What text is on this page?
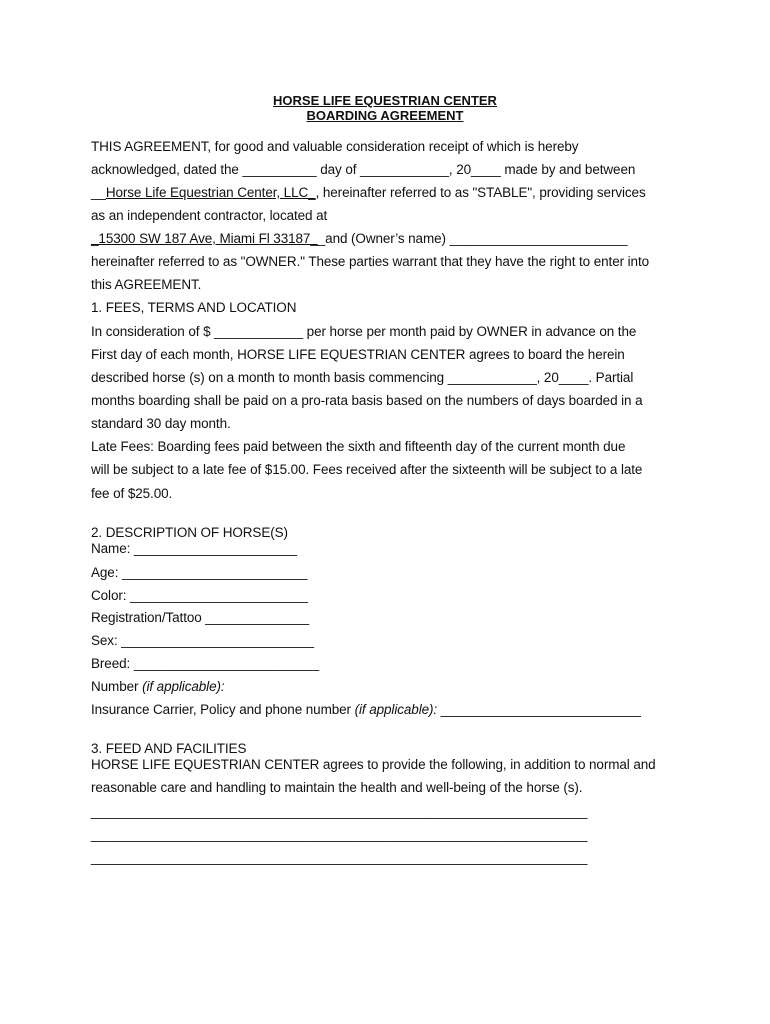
HORSE LIFE EQUESTRIAN CENTER
BOARDING AGREEMENT
THIS AGREEMENT, for good and valuable consideration receipt of which is hereby
acknowledged, dated the __________ day of ____________, 20____ made by and between
__Horse Life Equestrian Center, LLC_, hereinafter referred to as "STABLE", providing services
as an independent contractor, located at
_15300 SW 187 Ave, Miami Fl 33187__and (Owner’s name) ________________________
hereinafter referred to as "OWNER." These parties warrant that they have the right to enter into
this AGREEMENT.
1. FEES, TERMS AND LOCATION
In consideration of $ ____________ per horse per month paid by OWNER in advance on the
First day of each month, HORSE LIFE EQUESTRIAN CENTER agrees to board the herein
described horse (s) on a month to month basis commencing ____________, 20____. Partial
months boarding shall be paid on a pro-rata basis based on the numbers of days boarded in a
standard 30 day month.
Late Fees: Boarding fees paid between the sixth and fifteenth day of the current month due
will be subject to a late fee of $15.00. Fees received after the sixteenth will be subject to a late
fee of $25.00.
2. DESCRIPTION OF HORSE(S)
Name: ______________________
Age: _________________________
Color: ________________________
Registration/Tattoo ______________
Sex: __________________________
Breed: _________________________
Number (if applicable):
Insurance Carrier, Policy and phone number (if applicable): ___________________________
3. FEED AND FACILITIES
HORSE LIFE EQUESTRIAN CENTER agrees to provide the following, in addition to normal and
reasonable care and handling to maintain the health and well-being of the horse (s).
___________________________________________________________________
___________________________________________________________________
___________________________________________________________________
